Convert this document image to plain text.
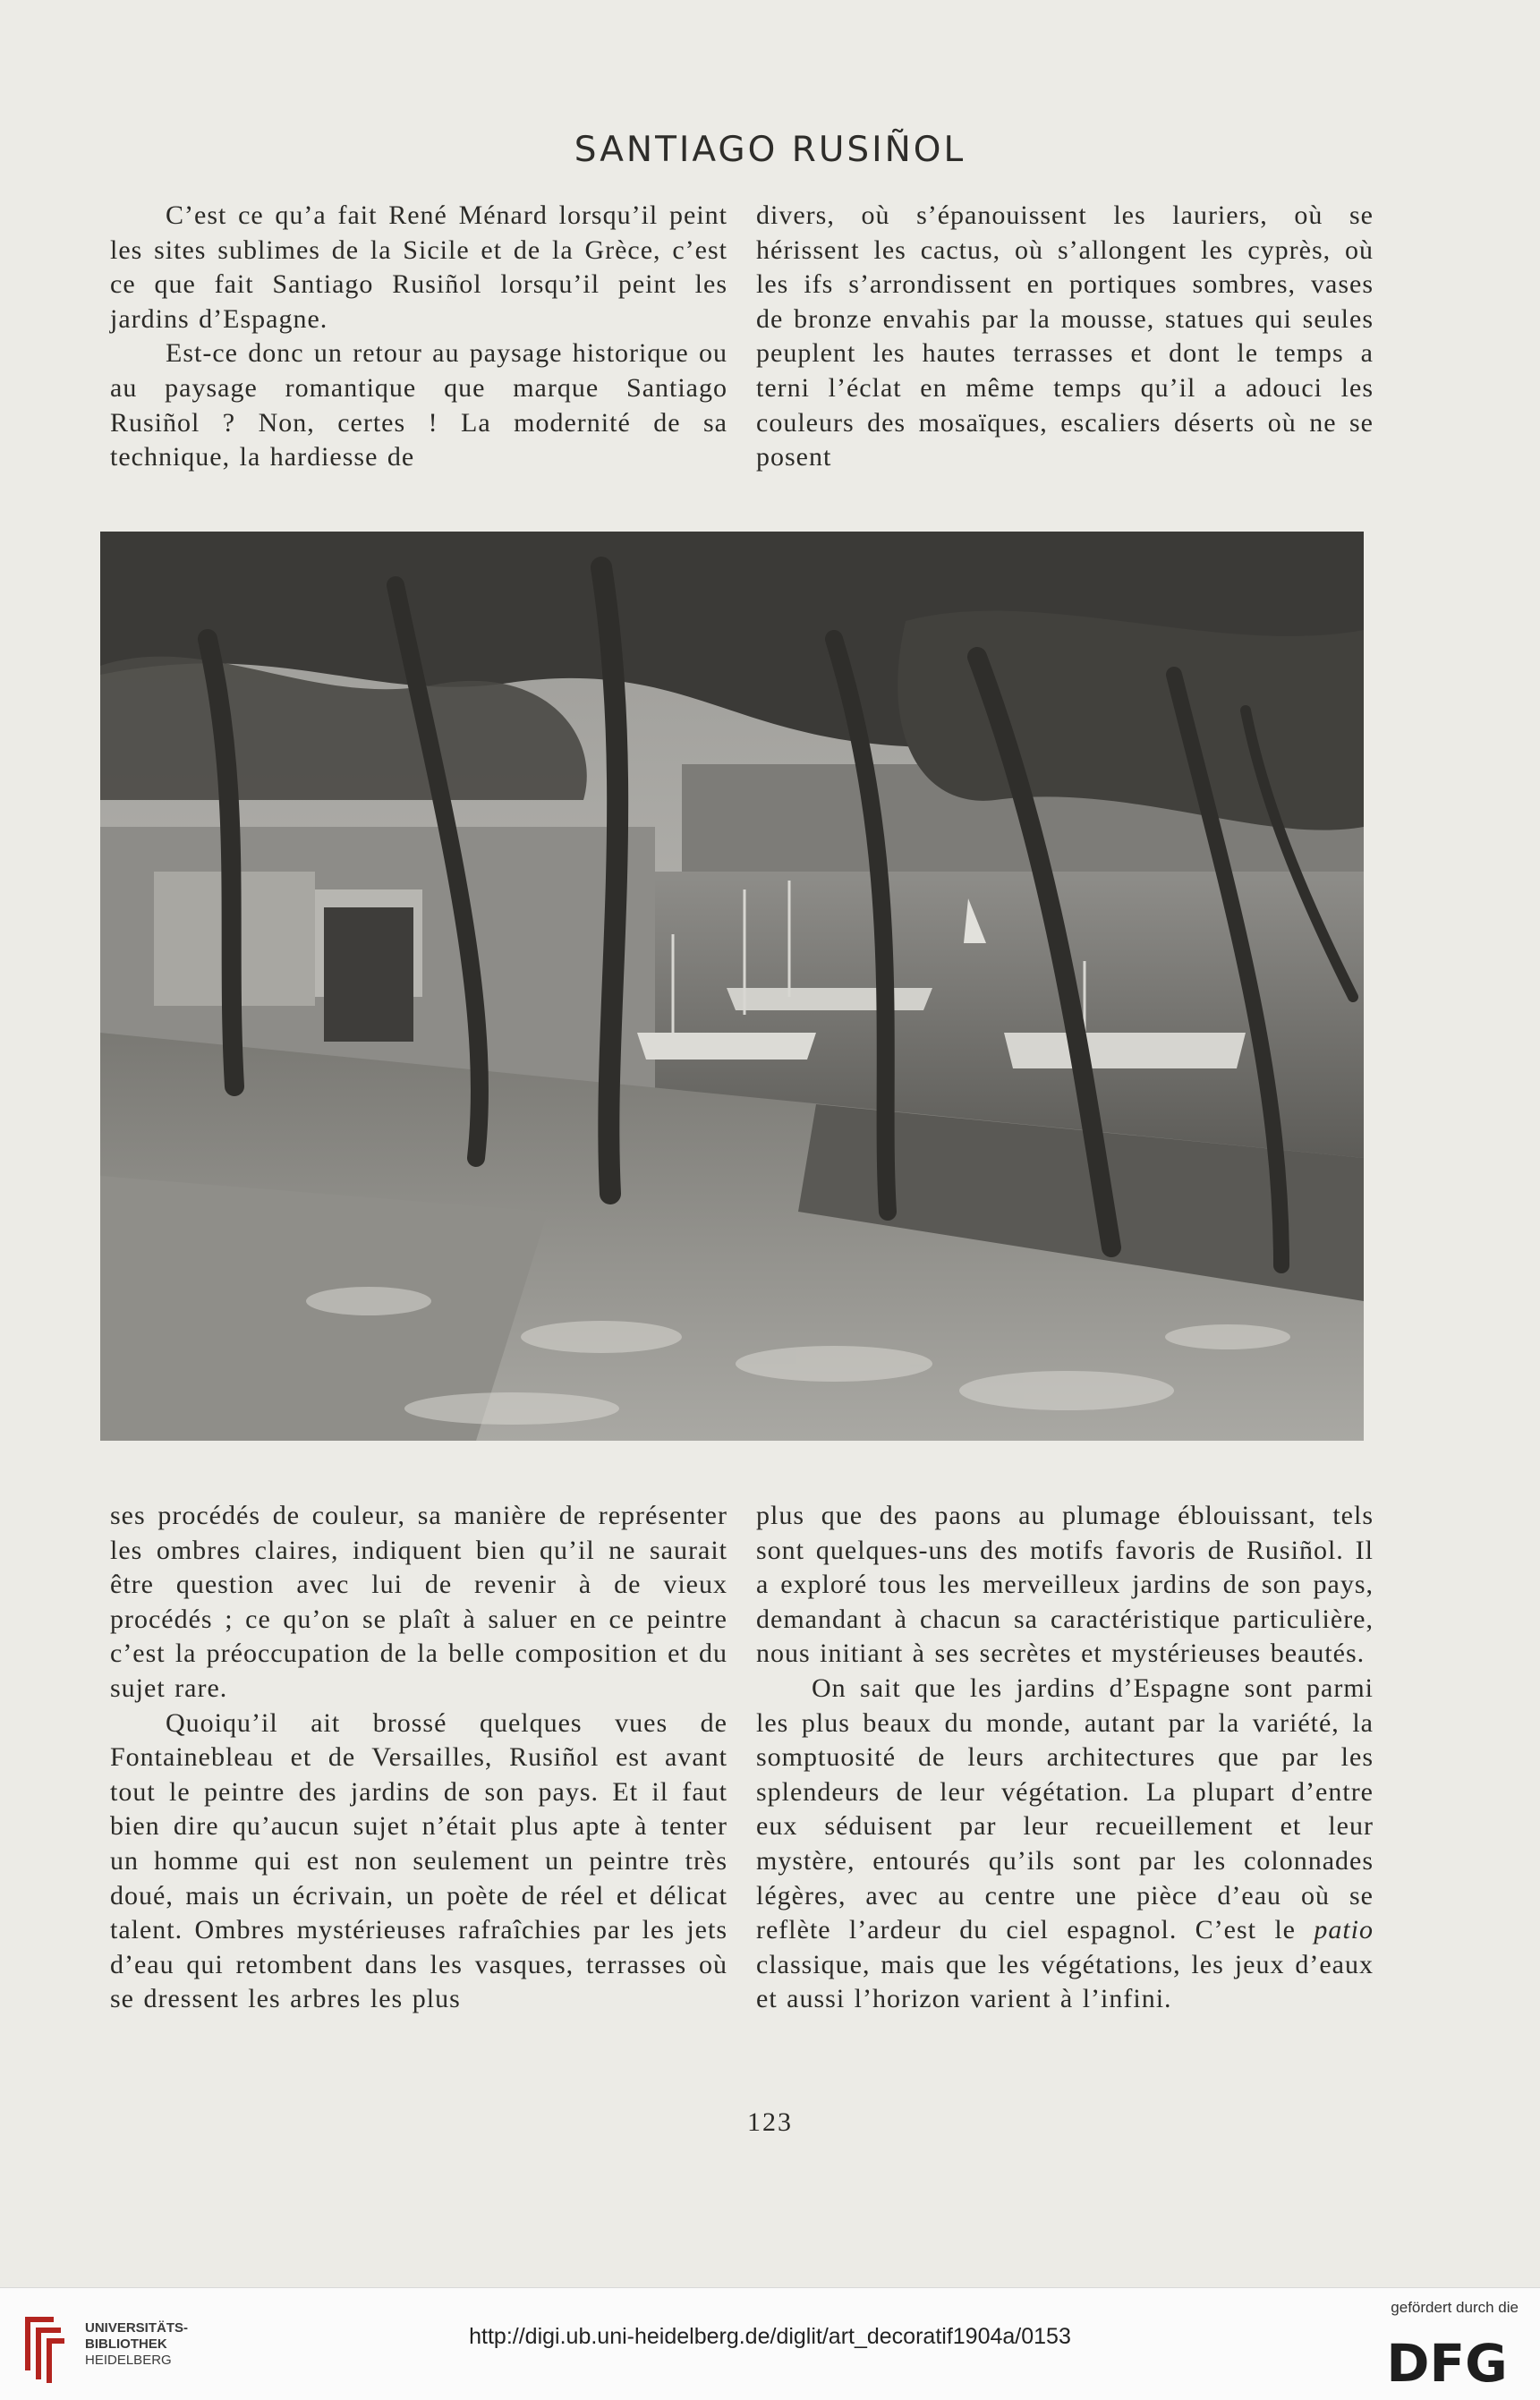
SANTIAGO RUSIÑOL

C’est ce qu’a fait René Ménard lorsqu’il peint les sites sublimes de la Sicile et de la Grèce, c’est ce que fait Santiago Rusiñol lorsqu’il peint les jardins d’Espagne.

Est-ce donc un retour au paysage historique ou au paysage romantique que marque Santiago Rusiñol ? Non, certes ! La modernité de sa technique, la hardiesse de

divers, où s’épanouissent les lauriers, où se hérissent les cactus, où s’allongent les cyprès, où les ifs s’arrondissent en portiques sombres, vases de bronze envahis par la mousse, statues qui seules peuplent les hautes terrasses et dont le temps a terni l’éclat en même temps qu’il a adouci les couleurs des mosaïques, escaliers déserts où ne se posent

ses procédés de couleur, sa manière de représenter les ombres claires, indiquent bien qu’il ne saurait être question avec lui de revenir à de vieux procédés ; ce qu’on se plaît à saluer en ce peintre c’est la préoccupation de la belle composition et du sujet rare.

Quoiqu’il ait brossé quelques vues de Fontainebleau et de Versailles, Rusiñol est avant tout le peintre des jardins de son pays. Et il faut bien dire qu’aucun sujet n’était plus apte à tenter un homme qui est non seulement un peintre très doué, mais un écrivain, un poète de réel et délicat talent. Ombres mystérieuses rafraîchies par les jets d’eau qui retombent dans les vasques, terrasses où se dressent les arbres les plus

plus que des paons au plumage éblouissant, tels sont quelques-uns des motifs favoris de Rusiñol. Il a exploré tous les merveilleux jardins de son pays, demandant à chacun sa caractéristique particulière, nous initiant à ses secrètes et mystérieuses beautés.

On sait que les jardins d’Espagne sont parmi les plus beaux du monde, autant par la variété, la somptuosité de leurs architectures que par les splendeurs de leur végétation. La plupart d’entre eux séduisent par leur recueillement et leur mystère, entourés qu’ils sont par les colonnades légères, avec au centre une pièce d’eau où se reflète l’ardeur du ciel espagnol. C’est le patio classique, mais que les végétations, les jeux d’eaux et aussi l’horizon varient à l’infini.

123
UNIVERSITÄTS-
BIBLIOTHEK
HEIDELBERG
http://digi.ub.uni-heidelberg.de/diglit/art_decoratif1904a/0153
gefördert durch die
DFG
